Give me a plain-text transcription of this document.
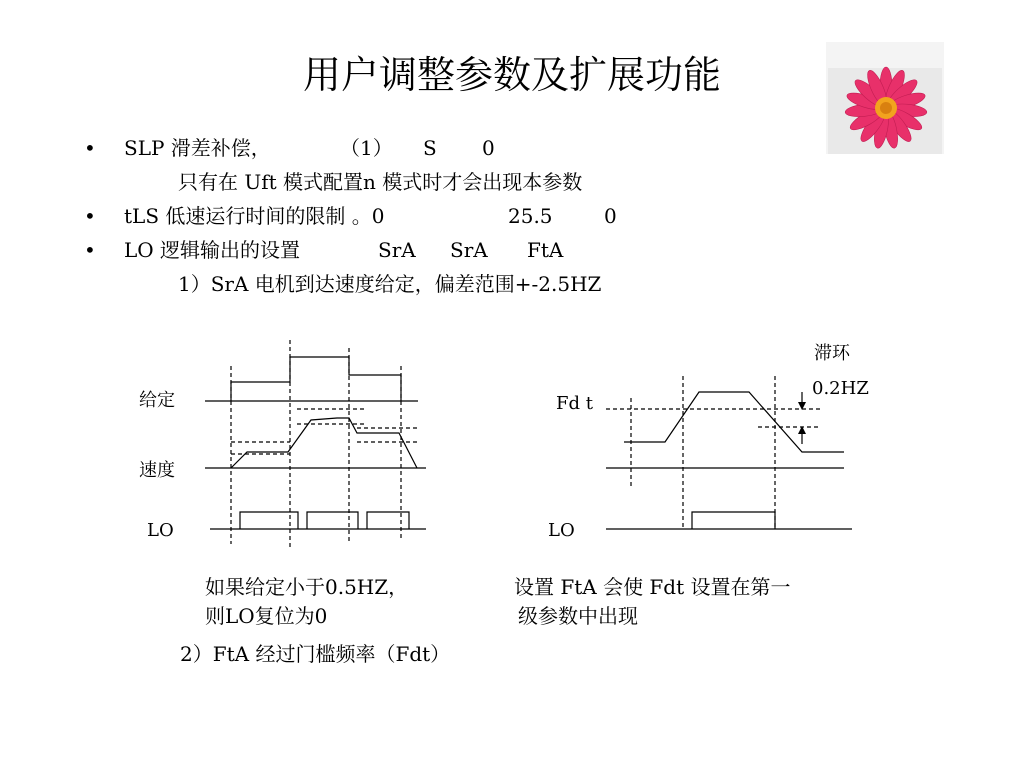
用户调整参数及扩展功能
• SLP 滑差补偿，	（1） S 0
只有在 Uft 模式配置n 模式时才会出现本参数
• tLS 低速运行时间的限制 。0	25.5	0
• LO 逻辑输出的设置	SrA SrA FtA
1）SrA 电机到达速度给定，偏差范围+-2.5HZ
给定
速度
LO
Fd t
LO
滞环
0.2HZ
如果给定小于0.5HZ，
则LO复位为0
设置 FtA 会使 Fdt 设置在第一
级参数中出现
2）FtA 经过门槛频率（Fdt）
